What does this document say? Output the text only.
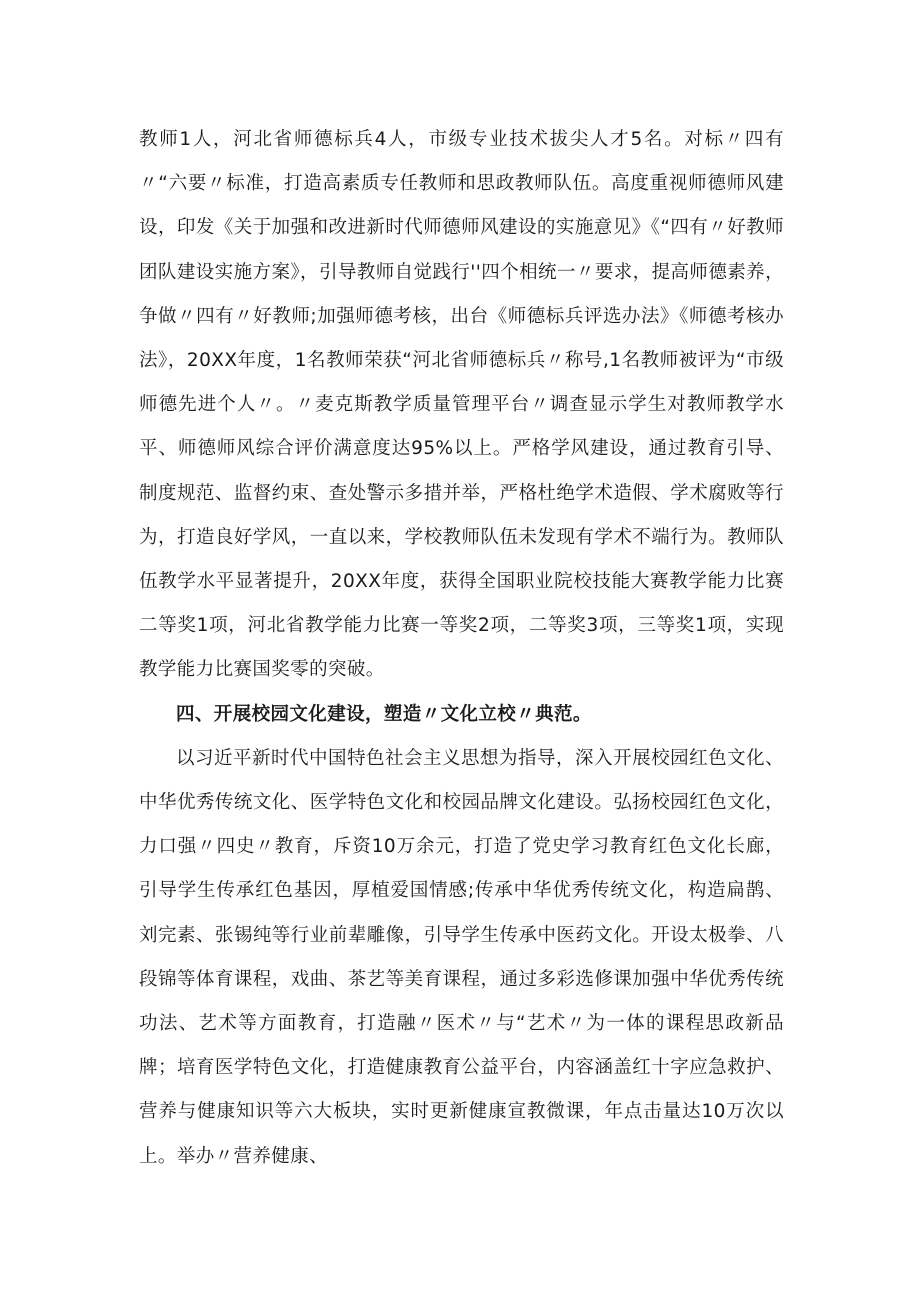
教师1人，河北省师德标兵4人，市级专业技术拔尖人才5名。对标〃四有〃“六要〃标准，打造高素质专任教师和思政教师队伍。高度重视师德师风建设，印发《关于加强和改进新时代师德师风建设的实施意见》《“四有〃好教师团队建设实施方案》，引导教师自觉践行''四个相统一〃要求，提高师德素养，争做〃四有〃好教师;加强师德考核，出台《师德标兵评选办法》《师德考核办法》，20XX年度，1名教师荣获“河北省师德标兵〃称号,1名教师被评为“市级师德先进个人〃。〃麦克斯教学质量管理平台〃调查显示学生对教师教学水平、师德师风综合评价满意度达95%以上。严格学风建设，通过教育引导、制度规范、监督约束、查处警示多措并举，严格杜绝学术造假、学术腐败等行为，打造良好学风，一直以来，学校教师队伍未发现有学术不端行为。教师队伍教学水平显著提升，20XX年度，获得全国职业院校技能大赛教学能力比赛二等奖1项，河北省教学能力比赛一等奖2项，二等奖3项，三等奖1项，实现教学能力比赛国奖零的突破。

四、开展校园文化建设，塑造〃文化立校〃典范。

以习近平新时代中国特色社会主义思想为指导，深入开展校园红色文化、中华优秀传统文化、医学特色文化和校园品牌文化建设。弘扬校园红色文化，力口强〃四史〃教育，斥资10万余元，打造了党史学习教育红色文化长廊，引导学生传承红色基因，厚植爱国情感;传承中华优秀传统文化，构造扁鹊、刘完素、张锡纯等行业前辈雕像，引导学生传承中医药文化。开设太极拳、八段锦等体育课程，戏曲、茶艺等美育课程，通过多彩选修课加强中华优秀传统功法、艺术等方面教育，打造融〃医术〃与“艺术〃为一体的课程思政新品牌；培育医学特色文化，打造健康教育公益平台，内容涵盖红十字应急救护、营养与健康知识等六大板块，实时更新健康宣教微课，年点击量达10万次以上。举办〃营养健康、
